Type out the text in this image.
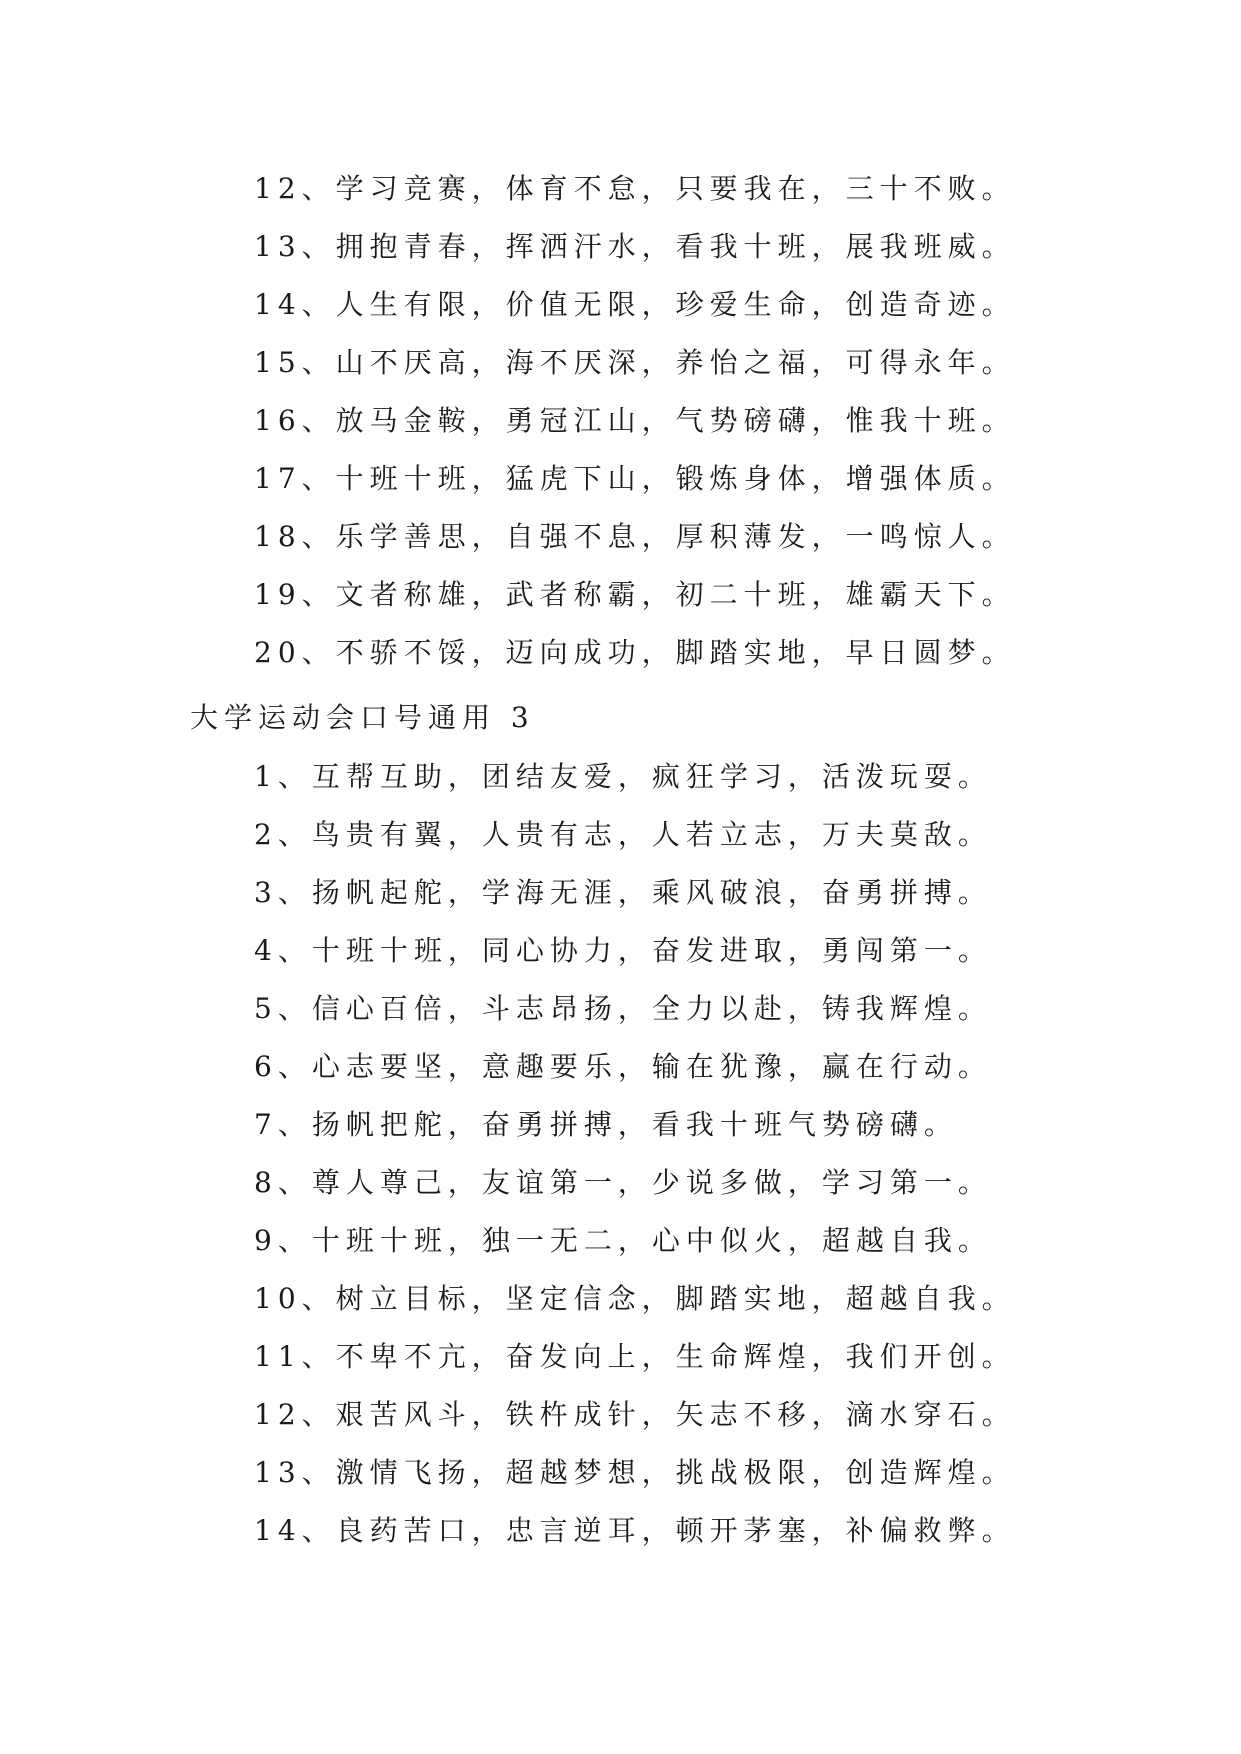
12、学习竞赛，体育不怠，只要我在，三十不败。
13、拥抱青春，挥洒汗水，看我十班，展我班威。
14、人生有限，价值无限，珍爱生命，创造奇迹。
15、山不厌高，海不厌深，养怡之福，可得永年。
16、放马金鞍，勇冠江山，气势磅礴，惟我十班。
17、十班十班，猛虎下山，锻炼身体，增强体质。
18、乐学善思，自强不息，厚积薄发，一鸣惊人。
19、文者称雄，武者称霸，初二十班，雄霸天下。
20、不骄不馁，迈向成功，脚踏实地，早日圆梦。
大学运动会口号通用 3
1、互帮互助，团结友爱，疯狂学习，活泼玩耍。
2、鸟贵有翼，人贵有志，人若立志，万夫莫敌。
3、扬帆起舵，学海无涯，乘风破浪，奋勇拼搏。
4、十班十班，同心协力，奋发进取，勇闯第一。
5、信心百倍，斗志昂扬，全力以赴，铸我辉煌。
6、心志要坚，意趣要乐，输在犹豫，赢在行动。
7、扬帆把舵，奋勇拼搏，看我十班气势磅礴。
8、尊人尊己，友谊第一，少说多做，学习第一。
9、十班十班，独一无二，心中似火，超越自我。
10、树立目标，坚定信念，脚踏实地，超越自我。
11、不卑不亢，奋发向上，生命辉煌，我们开创。
12、艰苦风斗，铁杵成针，矢志不移，滴水穿石。
13、激情飞扬，超越梦想，挑战极限，创造辉煌。
14、良药苦口，忠言逆耳，顿开茅塞，补偏救弊。
